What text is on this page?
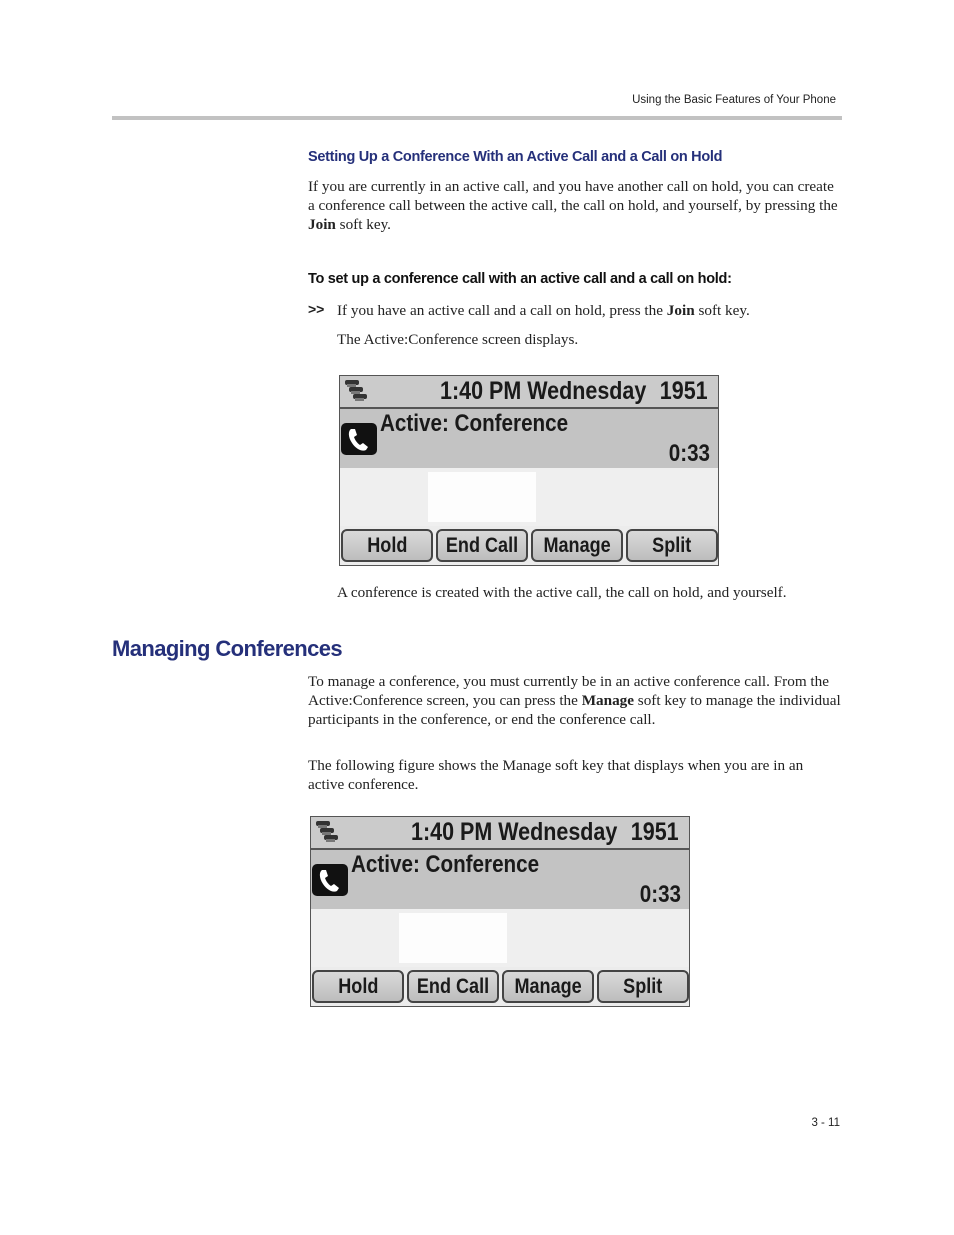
Using the Basic Features of Your Phone
Setting Up a Conference With an Active Call and a Call on Hold
If you are currently in an active call, and you have another call on hold, you can create a conference call between the active call, the call on hold, and yourself, by pressing the Join soft key.
To set up a conference call with an active call and a call on hold:
>> If you have an active call and a call on hold, press the Join soft key.
The Active:Conference screen displays.
1:40 PM Wednesday 1951
Active: Conference
0:33
Hold End Call Manage Split
A conference is created with the active call, the call on hold, and yourself.
Managing Conferences
To manage a conference, you must currently be in an active conference call. From the Active:Conference screen, you can press the Manage soft key to manage the individual participants in the conference, or end the conference call.
The following figure shows the Manage soft key that displays when you are in an active conference.
1:40 PM Wednesday 1951
Active: Conference
0:33
Hold End Call Manage Split
3 - 11
